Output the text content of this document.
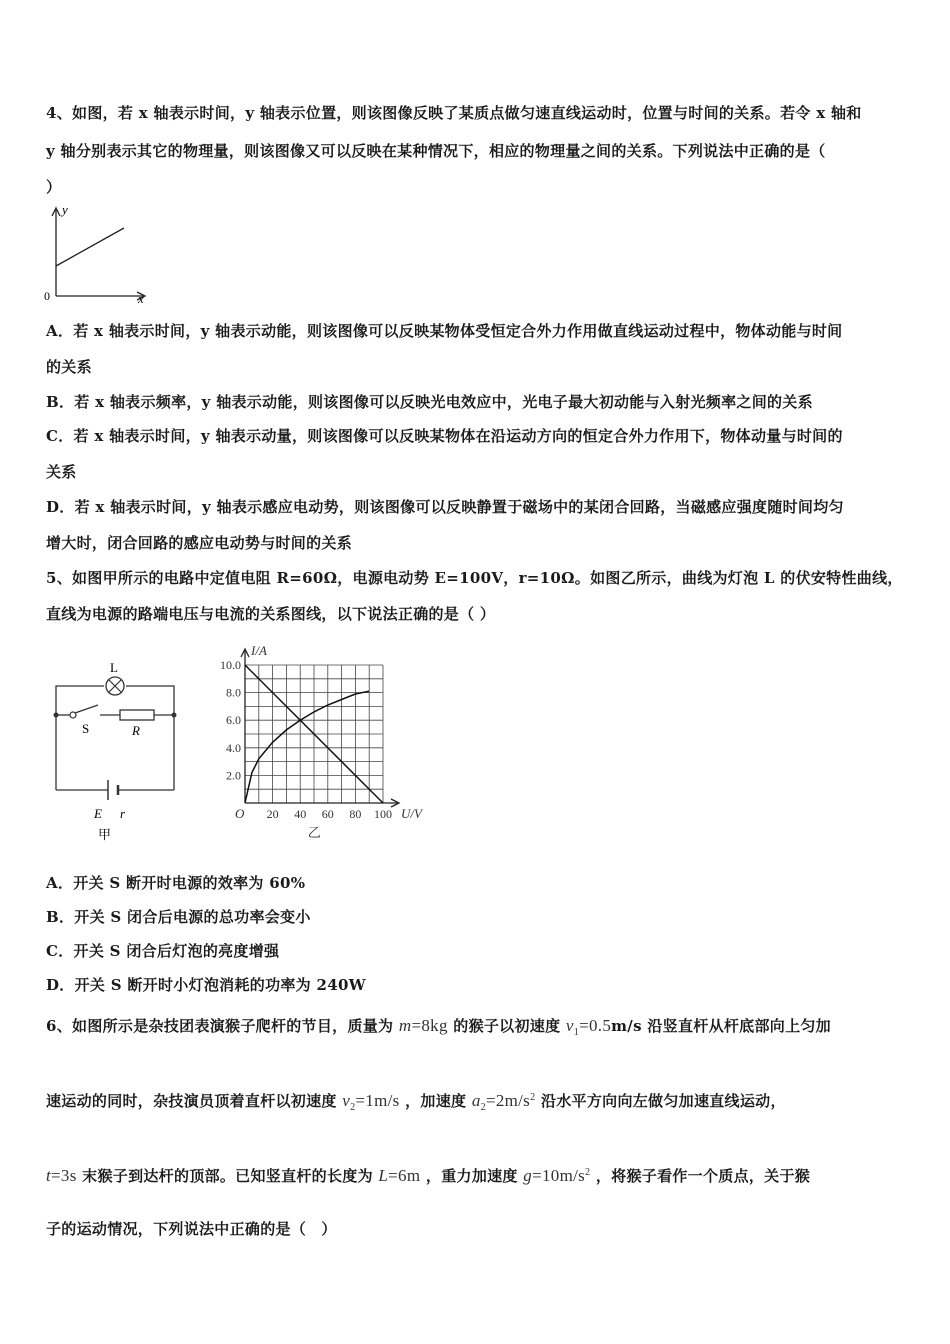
4、如图，若 x 轴表示时间，y 轴表示位置，则该图像反映了某质点做匀速直线运动时，位置与时间的关系。若令 x 轴和
y 轴分别表示其它的物理量，则该图像又可以反映在某种情况下，相应的物理量之间的关系。下列说法中正确的是（
）
y
x
0
A．若 x 轴表示时间，y 轴表示动能，则该图像可以反映某物体受恒定合外力作用做直线运动过程中，物体动能与时间
的关系
B．若 x 轴表示频率，y 轴表示动能，则该图像可以反映光电效应中，光电子最大初动能与入射光频率之间的关系
C．若 x 轴表示时间，y 轴表示动量，则该图像可以反映某物体在沿运动方向的恒定合外力作用下，物体动量与时间的
关系
D．若 x 轴表示时间，y 轴表示感应电动势，则该图像可以反映静置于磁场中的某闭合回路，当磁感应强度随时间均匀
增大时，闭合回路的感应电动势与时间的关系
5、如图甲所示的电路中定值电阻 R=60Ω，电源电动势 E=100V，r=10Ω。如图乙所示，曲线为灯泡 L 的伏安特性曲线，
直线为电源的路端电压与电流的关系图线，以下说法正确的是（ ）
L
S	R
E r
甲
20 40 60 80 100
2.0
4.0
6.0
8.0
10.0
O
I/A
U/V
乙
A．开关 S 断开时电源的效率为 60%
B．开关 S 闭合后电源的总功率会变小
C．开关 S 闭合后灯泡的亮度增强
D．开关 S 断开时小灯泡消耗的功率为 240W
6、如图所示是杂技团表演猴子爬杆的节目，质量为 m=8kg 的猴子以初速度 $v_1=0.5m/s$ 沿竖直杆从杆底部向上匀加
速运动的同时，杂技演员顶着直杆以初速度 $v_2=1m/s$ ，加速度 $a_2=2m/s^2$ 沿水平方向向左做匀加速直线运动，
t=3s 末猴子到达杆的顶部。已知竖直杆的长度为 L=6m ，重力加速度 $g=10m/s^2$ ，将猴子看作一个质点，关于猴
子的运动情况，下列说法中正确的是（　）
